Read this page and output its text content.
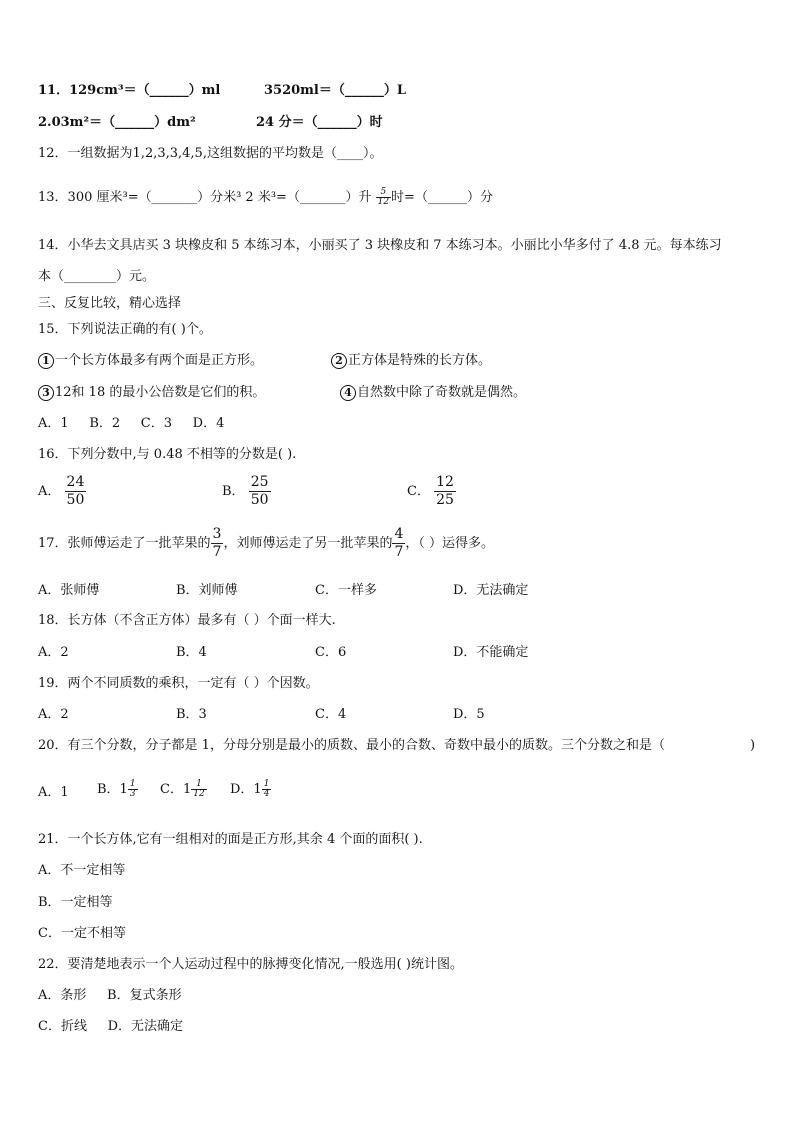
11．129cm³＝（______）ml	3520ml＝（______）L
2.03m²＝（______）dm²	24 分＝（______）时
12．一组数据为1,2,3,3,4,5,这组数据的平均数是（____）。
13．300 厘米³=（_______）分米³ 2 米³=（_______）升 $\frac{5}{12}$ 时=（______）分
14．小华去文具店买 3 块橡皮和 5 本练习本，小丽买了 3 块橡皮和 7 本练习本。小丽比小华多付了 4.8 元。每本练习
本（________）元。
三、反复比较，精心选择
15．下列说法正确的有( )个。
1 一个长方体最多有两个面是正方形。	2 正方体是特殊的长方体。
3 12和 18 的最小公倍数是它们的积。	4 自然数中除了奇数就是偶然。
A．1     B．2     C．3     D．4
16．下列分数中,与 0.48 不相等的分数是( ).
A． $\frac{24}{50}$	B． $\frac{25}{50}$	C． $\frac{12}{25}$
17．张师傅运走了一批苹果的 $\frac{3}{7}$ ，刘师傅运走了另一批苹果的 $\frac{4}{7}$ ，（ ）运得多。
A．张师傅	B．刘师傅	C．一样多	D．无法确定
18．长方体（不含正方体）最多有（ ）个面一样大.
A．2	B．4	C．6	D．不能确定
19．两个不同质数的乘积，一定有（ ）个因数。
A．2	B．3	C．4	D．5
20．有三个分数，分子都是 1，分母分别是最小的质数、最小的合数、奇数中最小的质数。三个分数之和是（	)
A．1 B．$1 \frac{1}{3}$ C．$1 \frac{1}{12}$ D．$1 \frac{1}{4}$
21．一个长方体,它有一组相对的面是正方形,其余 4 个面的面积( ).
A．不一定相等
B．一定相等
C．一定不相等
22．要清楚地表示一个人运动过程中的脉搏变化情况,一般选用( )统计图。
A．条形     B．复式条形
C．折线     D．无法确定
